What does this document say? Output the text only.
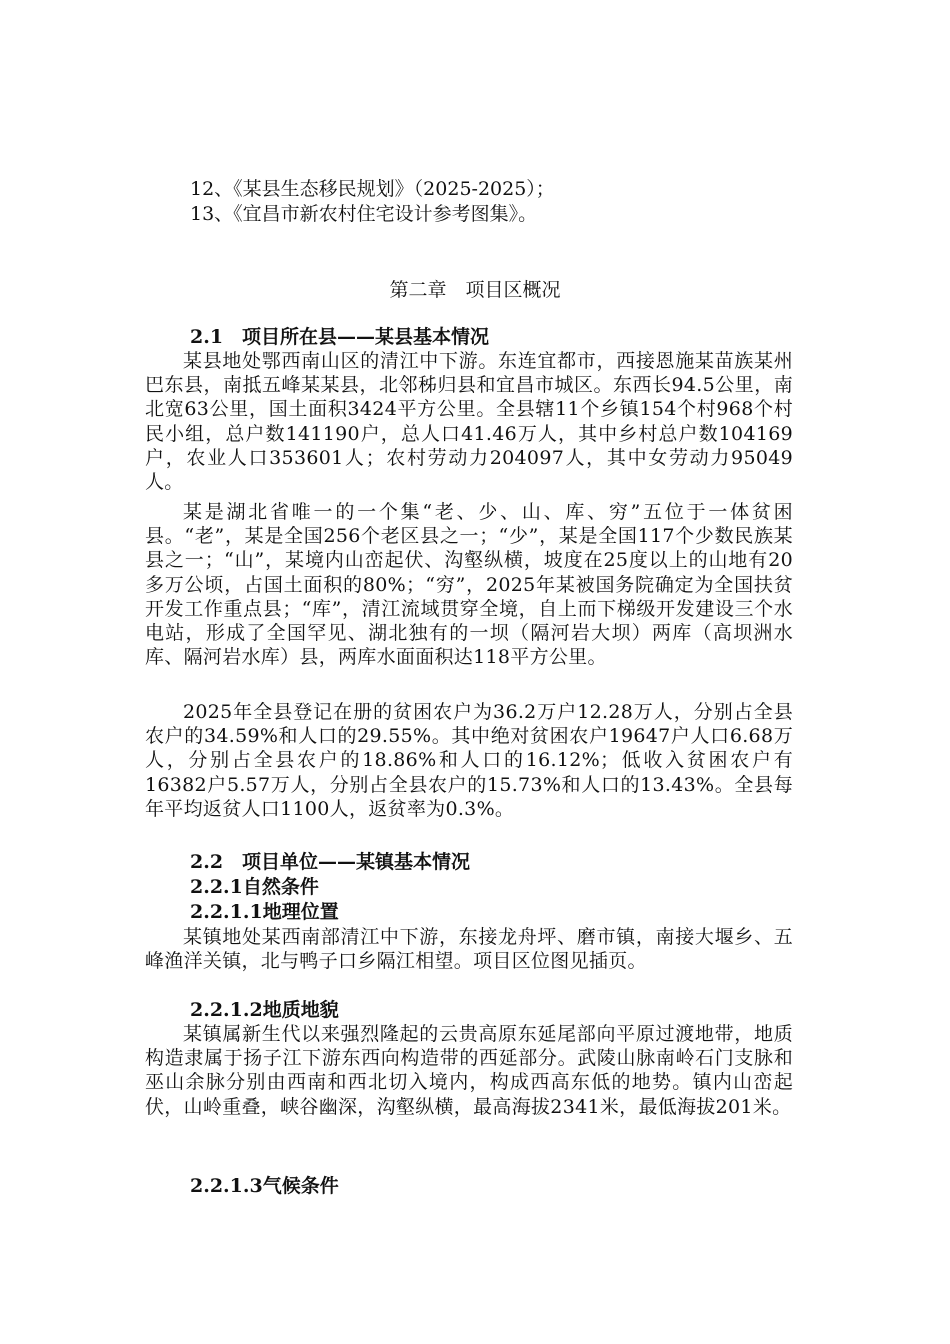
12、《某县生态移民规划》（2025-2025）；
13、《宜昌市新农村住宅设计参考图集》。
第二章　项目区概况
2.1　项目所在县——某县基本情况
某县地处鄂西南山区的清江中下游。东连宜都市，西接恩施某苗族某州巴东县，南抵五峰某某县，北邻秭归县和宜昌市城区。东西长94.5公里，南北宽63公里，国土面积3424平方公里。全县辖11个乡镇154个村968个村民小组，总户数141190户，总人口41.46万人，其中乡村总户数104169户，农业人口353601人；农村劳动力204097人，其中女劳动力95049人。
某是湖北省唯一的一个集“老、少、山、库、穷”五位于一体贫困县。“老”，某是全国256个老区县之一；“少”，某是全国117个少数民族某县之一；“山”，某境内山峦起伏、沟壑纵横，坡度在25度以上的山地有20多万公顷，占国土面积的80%；“穷”，2025年某被国务院确定为全国扶贫开发工作重点县；“库”，清江流域贯穿全境，自上而下梯级开发建设三个水电站，形成了全国罕见、湖北独有的一坝（隔河岩大坝）两库（高坝洲水库、隔河岩水库）县，两库水面面积达118平方公里。
2025年全县登记在册的贫困农户为36.2万户12.28万人，分别占全县农户的34.59%和人口的29.55%。其中绝对贫困农户19647户人口6.68万人，分别占全县农户的18.86%和人口的16.12%；低收入贫困农户有16382户5.57万人，分别占全县农户的15.73%和人口的13.43%。全县每年平均返贫人口1100人，返贫率为0.3%。
2.2　项目单位——某镇基本情况
2.2.1自然条件
2.2.1.1地理位置
某镇地处某西南部清江中下游，东接龙舟坪、磨市镇，南接大堰乡、五峰渔洋关镇，北与鸭子口乡隔江相望。项目区位图见插页。
2.2.1.2地质地貌
某镇属新生代以来强烈隆起的云贵高原东延尾部向平原过渡地带，地质构造隶属于扬子江下游东西向构造带的西延部分。武陵山脉南岭石门支脉和巫山余脉分别由西南和西北切入境内，构成西高东低的地势。镇内山峦起伏，山岭重叠，峡谷幽深，沟壑纵横，最高海拔2341米，最低海拔201米。
2.2.1.3气候条件
